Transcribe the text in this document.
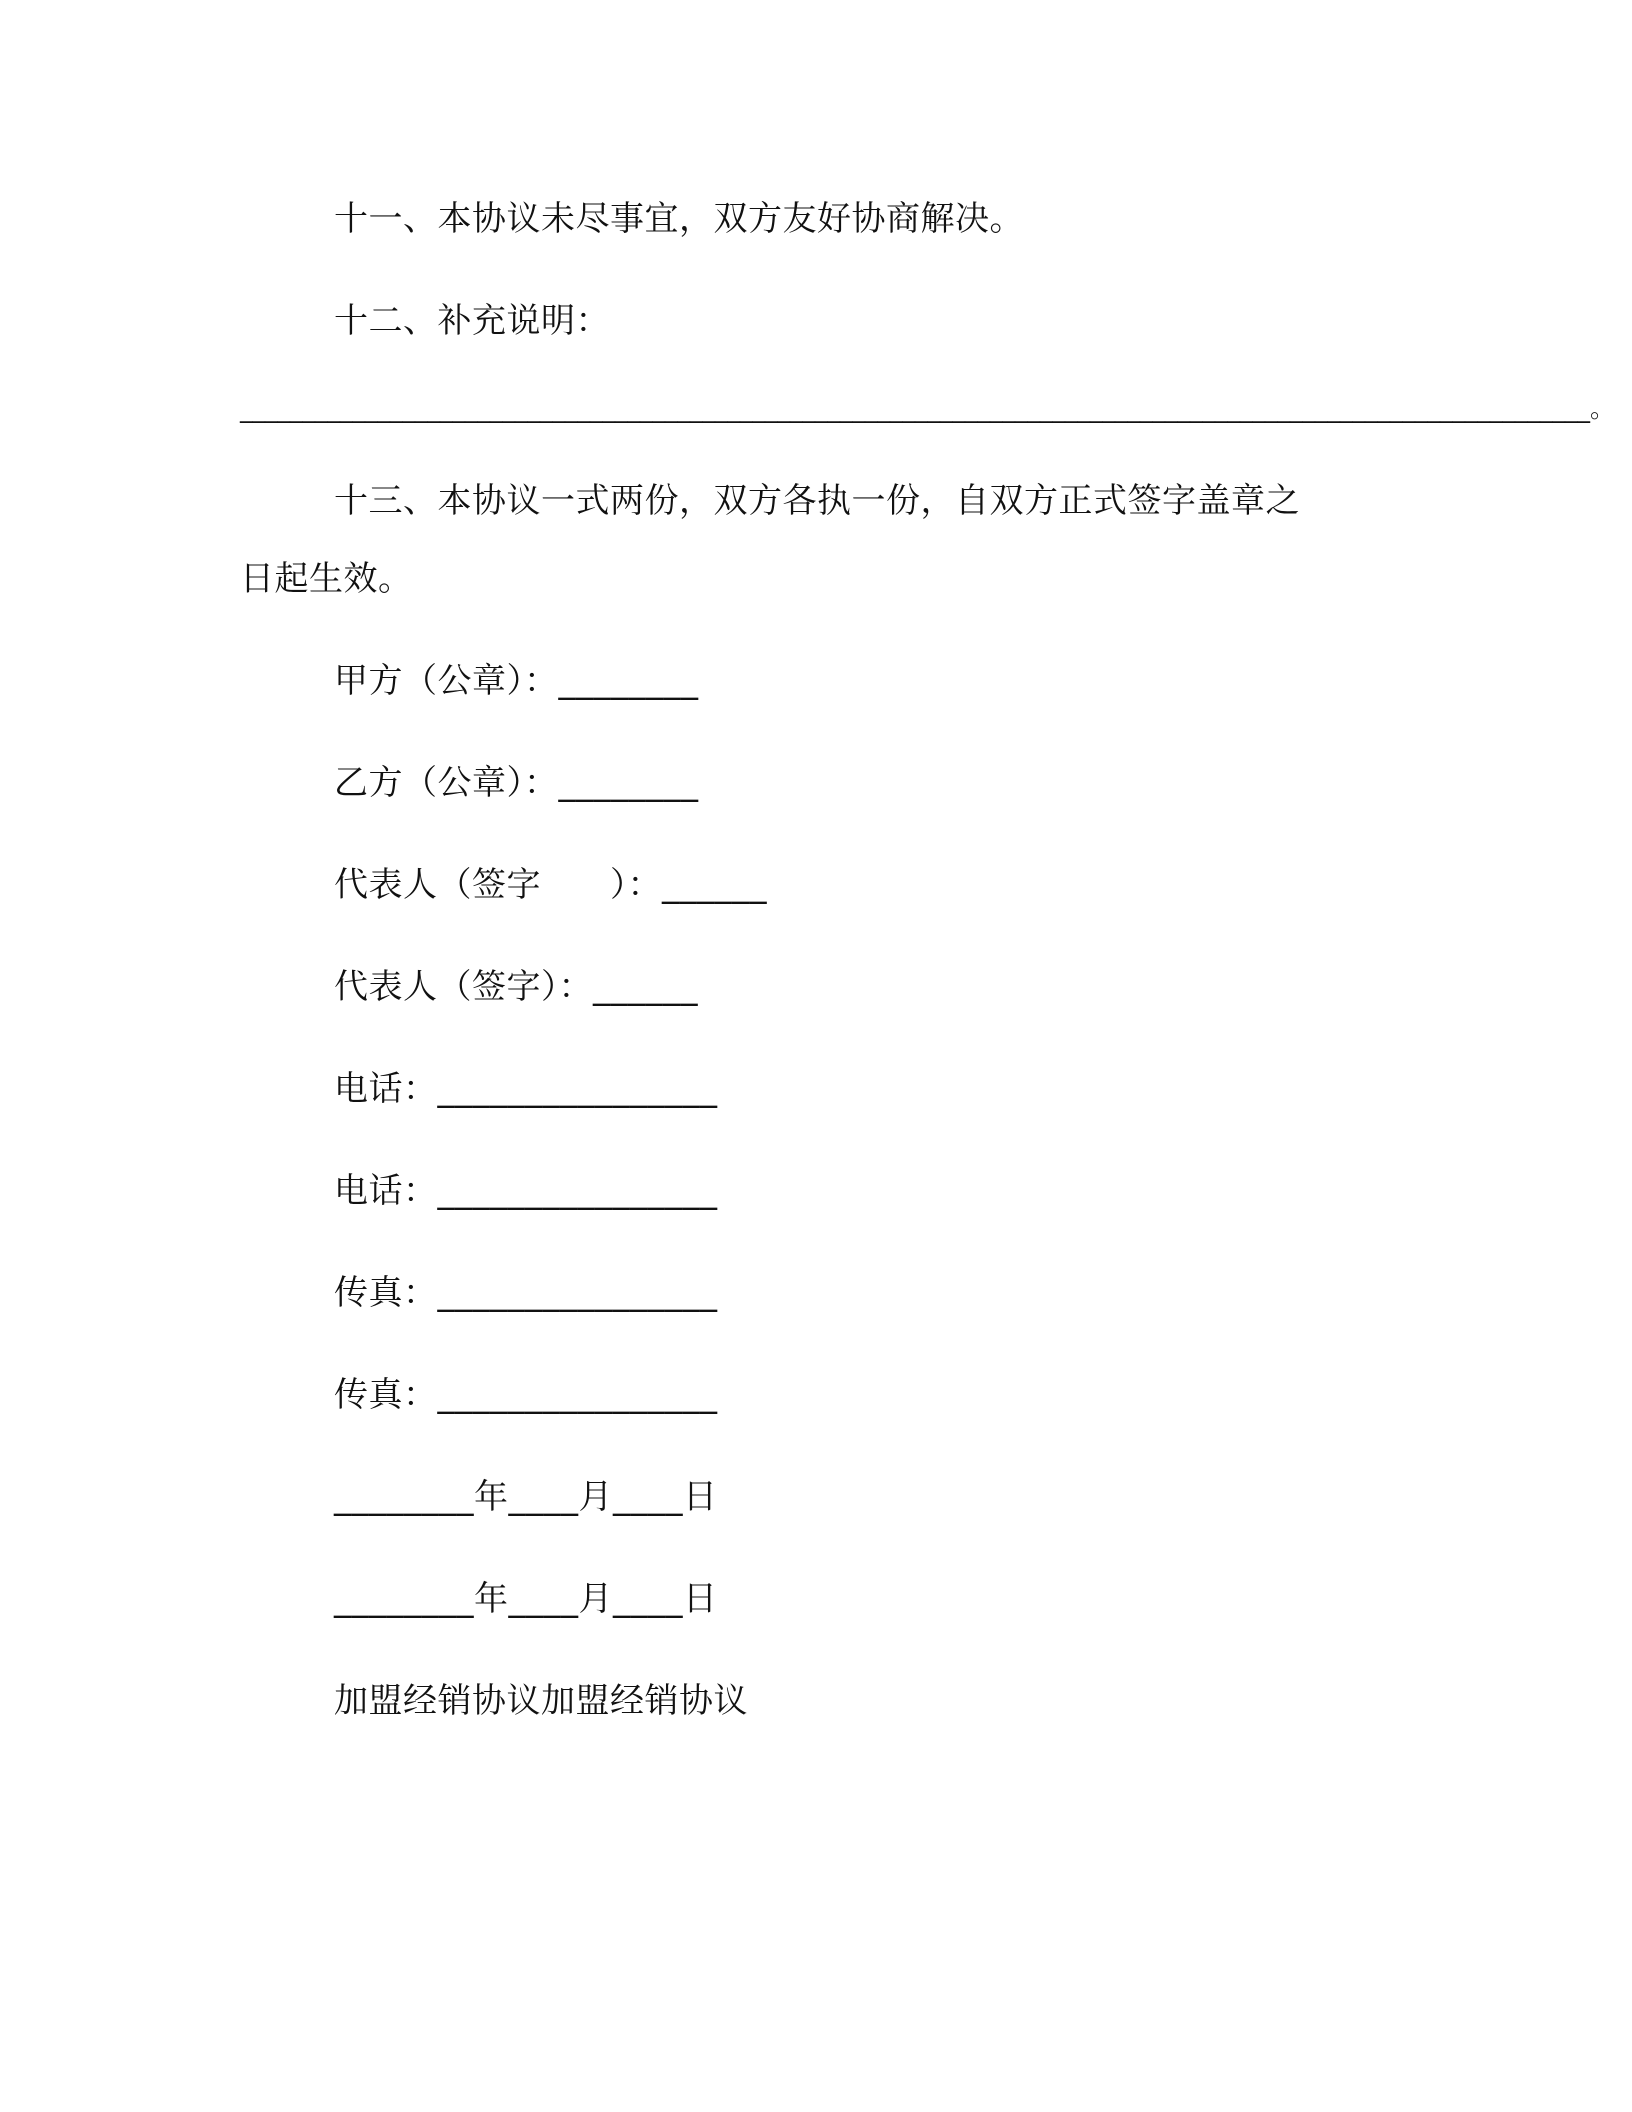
十一、本协议未尽事宜，双方友好协商解决。
十二、补充说明：
____________________________________________________________________________________________________________。
十三、本协议一式两份，双方各执一份，自双方正式签字盖章之
日起生效。
甲方（公章）：________
乙方（公章）：________
代表人（签字　　）：______
代表人（签字）：______
电话：________________
电话：________________
传真：________________
传真：________________
________年____月____日
________年____月____日
加盟经销协议加盟经销协议
